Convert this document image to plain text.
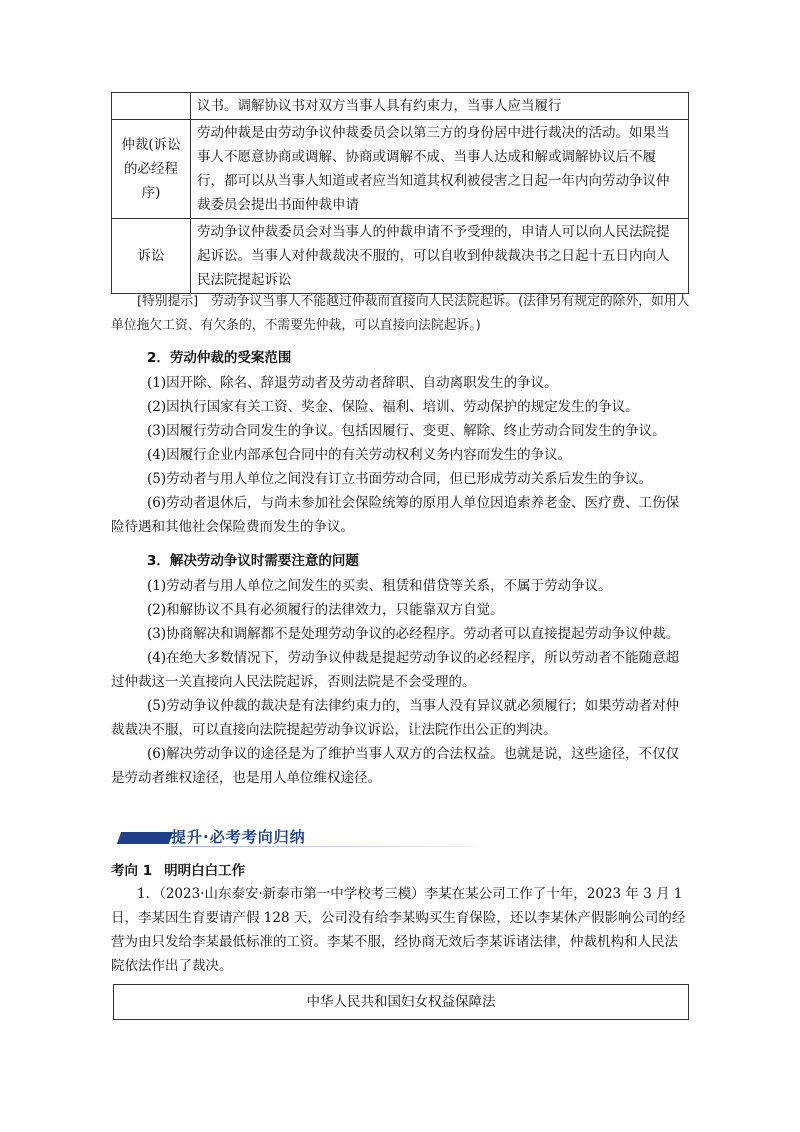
	议书。调解协议书对双方当事人具有约束力，当事人应当履行
仲裁(诉讼的必经程序)	劳动仲裁是由劳动争议仲裁委员会以第三方的身份居中进行裁决的活动。如果当事人不愿意协商或调解、协商或调解不成、当事人达成和解或调解协议后不履行，都可以从当事人知道或者应当知道其权利被侵害之日起一年内向劳动争议仲裁委员会提出书面仲裁申请
诉讼	劳动争议仲裁委员会对当事人的仲裁申请不予受理的，申请人可以向人民法院提起诉讼。当事人对仲裁裁决不服的，可以自收到仲裁裁决书之日起十五日内向人民法院提起诉讼
[特别提示]　劳动争议当事人不能越过仲裁而直接向人民法院起诉。(法律另有规定的除外，如用人单位拖欠工资、有欠条的，不需要先仲裁，可以直接向法院起诉。)
2．劳动仲裁的受案范围
(1)因开除、除名、辞退劳动者及劳动者辞职、自动离职发生的争议。
(2)因执行国家有关工资、奖金、保险、福利、培训、劳动保护的规定发生的争议。
(3)因履行劳动合同发生的争议。包括因履行、变更、解除、终止劳动合同发生的争议。
(4)因履行企业内部承包合同中的有关劳动权利义务内容而发生的争议。
(5)劳动者与用人单位之间没有订立书面劳动合同，但已形成劳动关系后发生的争议。
(6)劳动者退休后，与尚未参加社会保险统筹的原用人单位因追索养老金、医疗费、工伤保险待遇和其他社会保险费而发生的争议。
3．解决劳动争议时需要注意的问题
(1)劳动者与用人单位之间发生的买卖、租赁和借贷等关系，不属于劳动争议。
(2)和解协议不具有必须履行的法律效力，只能靠双方自觉。
(3)协商解决和调解都不是处理劳动争议的必经程序。劳动者可以直接提起劳动争议仲裁。
(4)在绝大多数情况下，劳动争议仲裁是提起劳动争议的必经程序，所以劳动者不能随意超过仲裁这一关直接向人民法院起诉，否则法院是不会受理的。
(5)劳动争议仲裁的裁决是有法律约束力的，当事人没有异议就必须履行；如果劳动者对仲裁裁决不服，可以直接向法院提起劳动争议诉讼，让法院作出公正的判决。
(6)解决劳动争议的途径是为了维护当事人双方的合法权益。也就是说，这些途径，不仅仅是劳动者维权途径，也是用人单位维权途径。
提升·必考考向归纳
考向 1 明明白白工作
1．（2023·山东泰安·新泰市第一中学校考三模）李某在某公司工作了十年，2023 年 3 月 1 日，李某因生育要请产假 128 天，公司没有给李某购买生育保险，还以李某休产假影响公司的经营为由只发给李某最低标准的工资。李某不服，经协商无效后李某诉诸法律，仲裁机构和人民法院依法作出了裁决。
中华人民共和国妇女权益保障法
